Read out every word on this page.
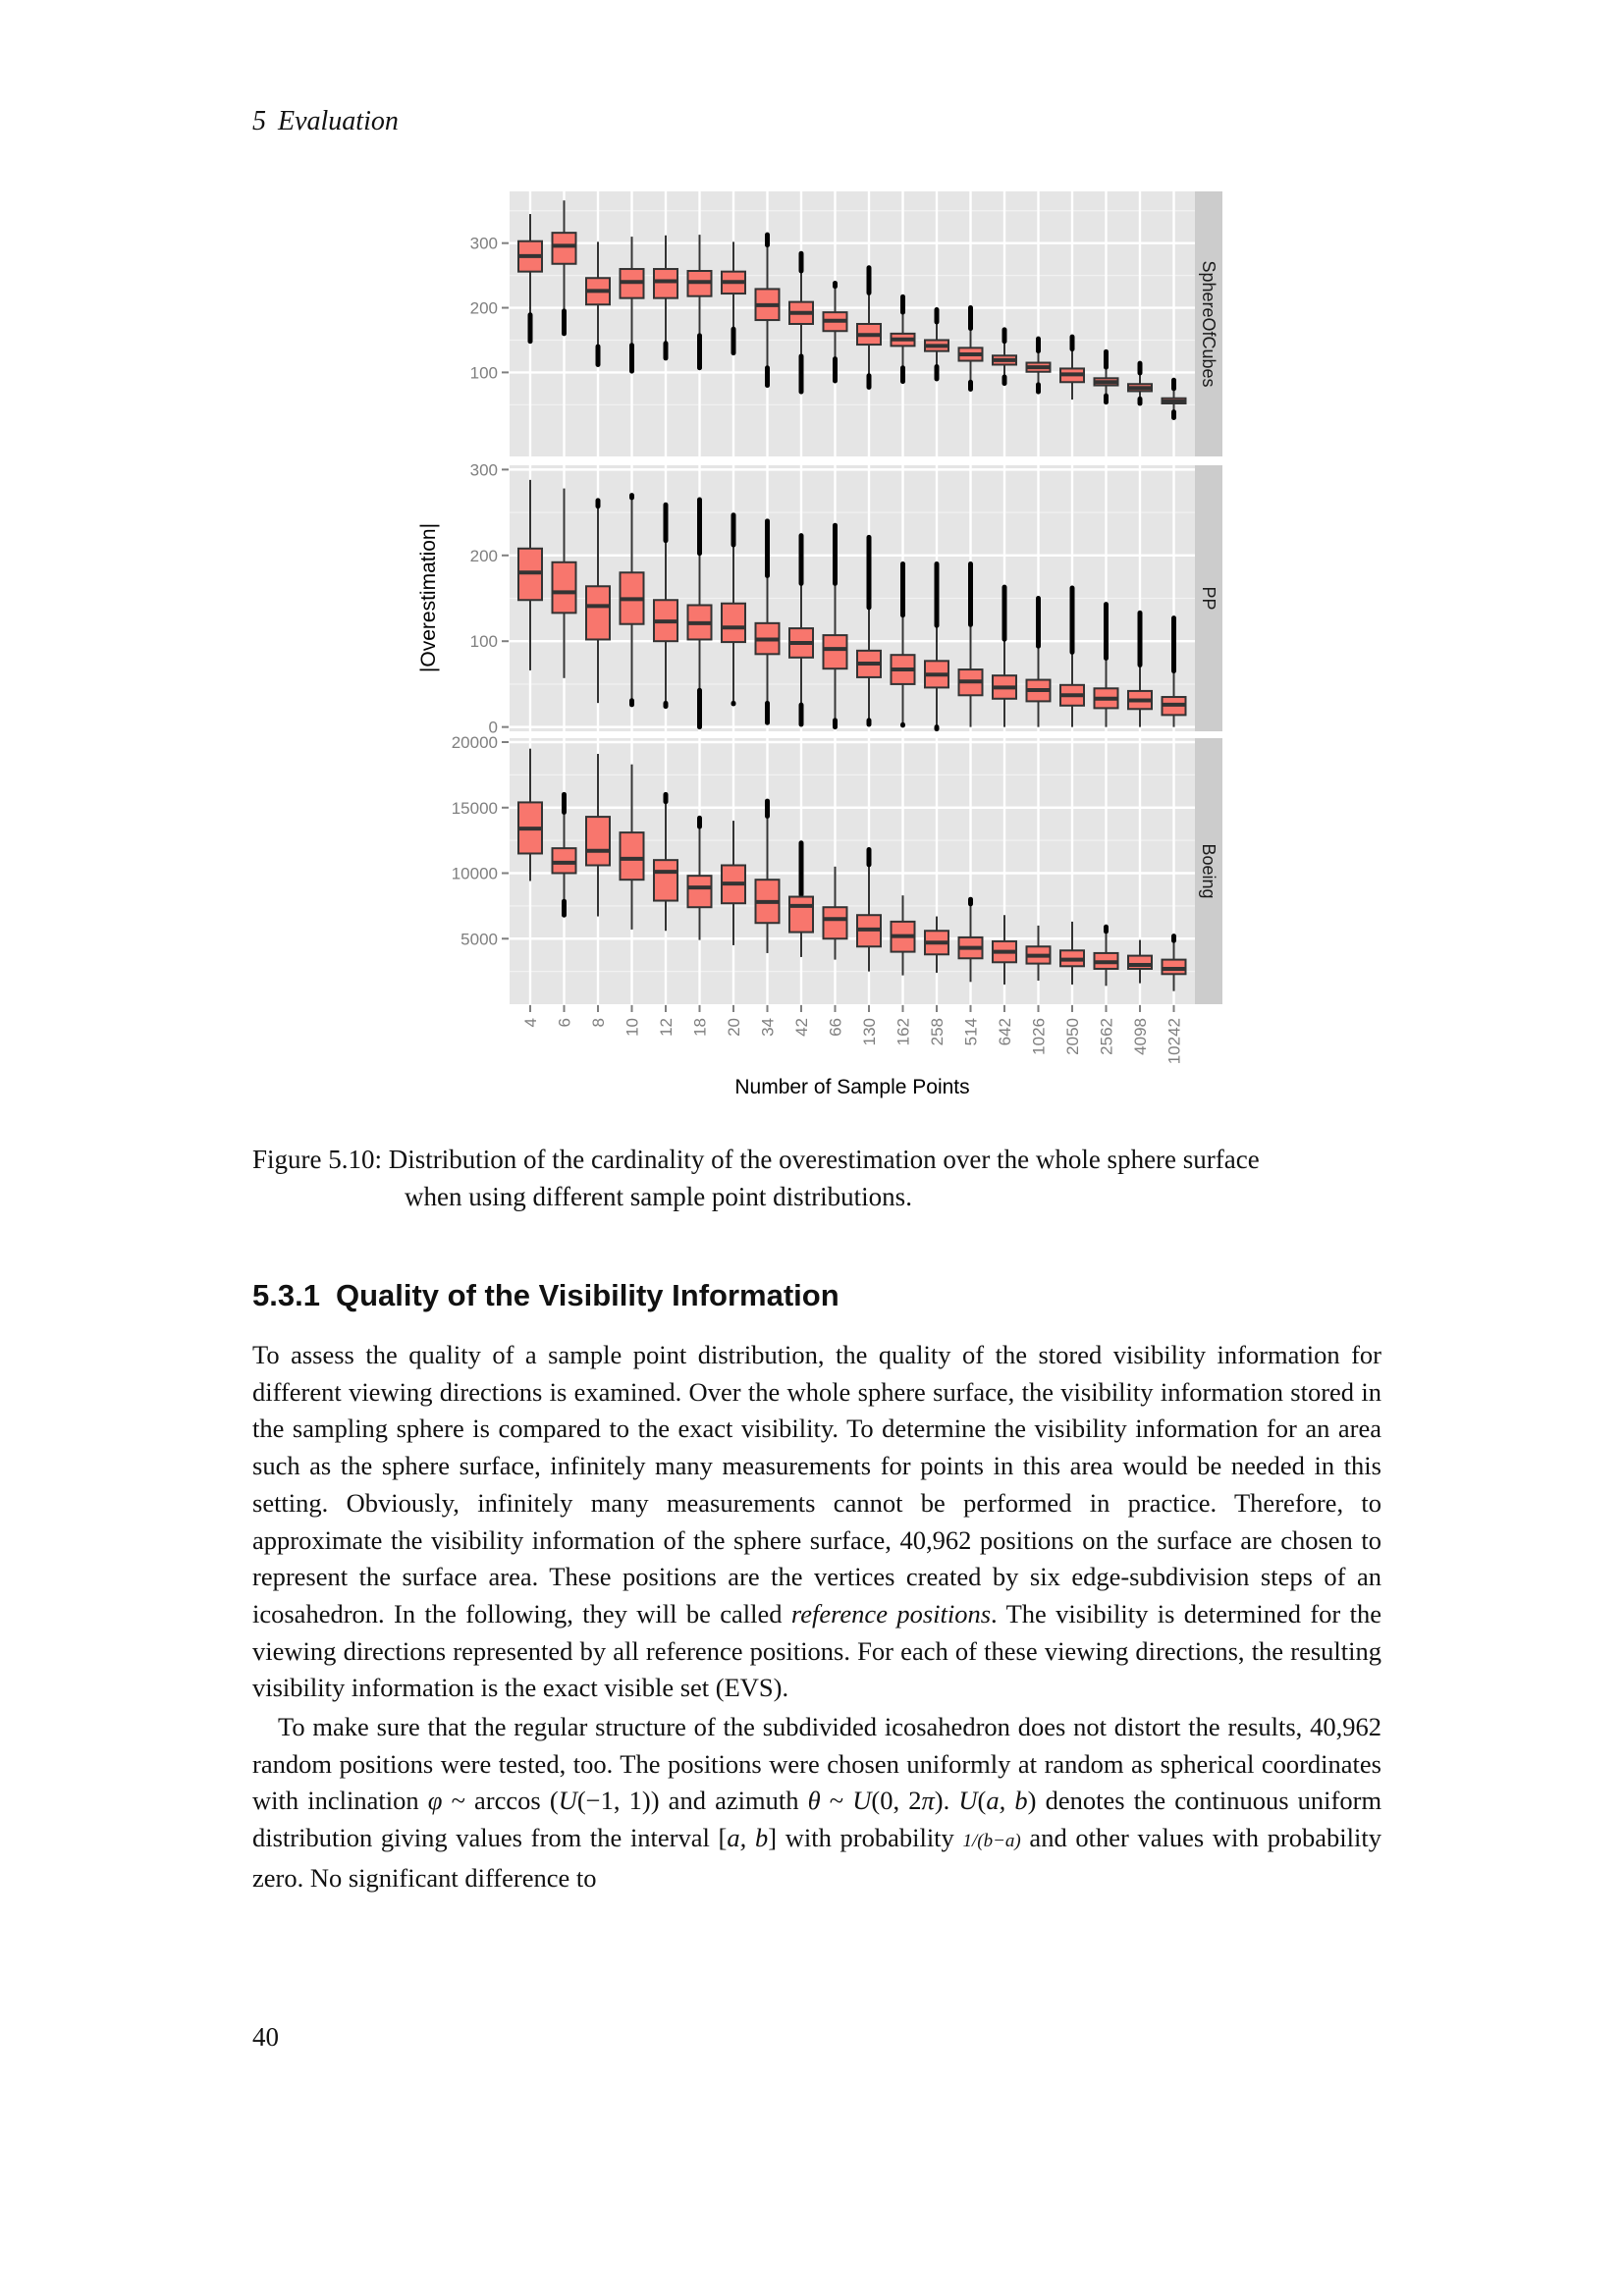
5 Evaluation
100
200
300
SphereOfCubes
0
100
200
300
PP
5000
10000
15000
20000
Boeing
4 6 8 10 12 18 20 34 42 66 130 162 258 514 642 1026 2050 2562 4098 10242
Number of Sample Points
|Overestimation|
Figure 5.10: Distribution of the cardinality of the overestimation over the whole sphere surface
when using different sample point distributions.
5.3.1 Quality of the Visibility Information

To assess the quality of a sample point distribution, the quality of the stored visibility information for different viewing directions is examined. Over the whole sphere surface, the visibility information stored in the sampling sphere is compared to the exact visibility. To determine the visibility information for an area such as the sphere surface, infinitely many measurements for points in this area would be needed in this setting. Obviously, infinitely many measurements cannot be performed in practice. Therefore, to approximate the visibility information of the sphere surface, 40,962 positions on the surface are chosen to represent the surface area. These positions are the vertices created by six edge-subdivision steps of an icosahedron. In the following, they will be called reference positions. The visibility is determined for the viewing directions represented by all reference positions. For each of these viewing directions, the resulting visibility information is the exact visible set (EVS).

To make sure that the regular structure of the subdivided icosahedron does not distort the results, 40,962 random positions were tested, too. The positions were chosen uniformly at random as spherical coordinates with inclination φ ~ arccos (U(−1, 1)) and azimuth θ ~ U(0, 2π). U(a, b) denotes the continuous uniform distribution giving values from the interval [a, b] with probability 1/(b−a) and other values with probability zero. No significant difference to

40
